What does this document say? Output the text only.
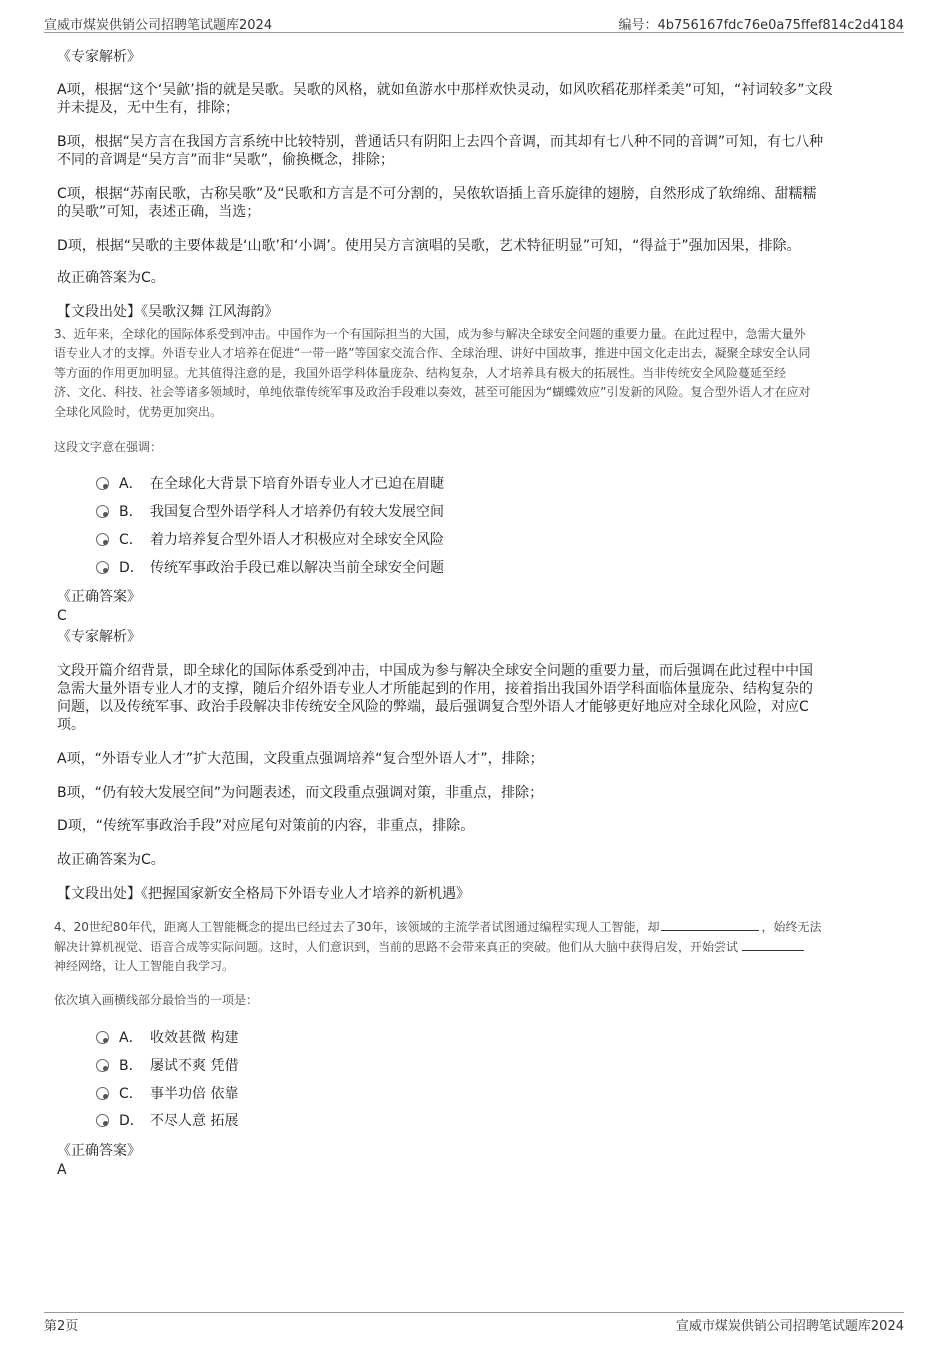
宣威市煤炭供销公司招聘笔试题库2024	编号：4b756167fdc76e0a75ffef814c2d4184
《专家解析》
A项，根据“这个‘吴歈’指的就是吴歌。吴歌的风格，就如鱼游水中那样欢快灵动，如风吹稻花那样柔美”可知，“衬词较多”文段
并未提及，无中生有，排除；
B项，根据“吴方言在我国方言系统中比较特别，普通话只有阴阳上去四个音调，而其却有七八种不同的音调”可知，有七八种
不同的音调是“吴方言”而非“吴歌”，偷换概念，排除；
C项，根据“苏南民歌，古称吴歌”及“民歌和方言是不可分割的，吴侬软语插上音乐旋律的翅膀，自然形成了软绵绵、甜糯糯
的吴歌”可知，表述正确，当选；
D项，根据“吴歌的主要体裁是‘山歌’和‘小调’。使用吴方言演唱的吴歌，艺术特征明显”可知，“得益于”强加因果，排除。
故正确答案为C。
【文段出处】《吴歌汉舞 江风海韵》
3、近年来，全球化的国际体系受到冲击。中国作为一个有国际担当的大国，成为参与解决全球安全问题的重要力量。在此过程中，急需大量外
语专业人才的支撑。外语专业人才培养在促进“一带一路”等国家交流合作、全球治理、讲好中国故事，推进中国文化走出去，凝聚全球安全认同
等方面的作用更加明显。尤其值得注意的是，我国外语学科体量庞杂、结构复杂，人才培养具有极大的拓展性。当非传统安全风险蔓延至经
济、文化、科技、社会等诸多领域时，单纯依靠传统军事及政治手段难以奏效，甚至可能因为“蝴蝶效应”引发新的风险。复合型外语人才在应对
全球化风险时，优势更加突出。
这段文字意在强调：
A． 在全球化大背景下培育外语专业人才已迫在眉睫
B． 我国复合型外语学科人才培养仍有较大发展空间
C． 着力培养复合型外语人才积极应对全球安全风险
D． 传统军事政治手段已难以解决当前全球安全问题
《正确答案》
C
《专家解析》
文段开篇介绍背景，即全球化的国际体系受到冲击，中国成为参与解决全球安全问题的重要力量，而后强调在此过程中中国
急需大量外语专业人才的支撑，随后介绍外语专业人才所能起到的作用，接着指出我国外语学科面临体量庞杂、结构复杂的
问题，以及传统军事、政治手段解决非传统安全风险的弊端，最后强调复合型外语人才能够更好地应对全球化风险，对应C
项。
A项，“外语专业人才”扩大范围，文段重点强调培养“复合型外语人才”，排除；
B项，“仍有较大发展空间”为问题表述，而文段重点强调对策，非重点，排除；
D项，“传统军事政治手段”对应尾句对策前的内容，非重点，排除。
故正确答案为C。
【文段出处】《把握国家新安全格局下外语专业人才培养的新机遇》
4、20世纪80年代，距离人工智能概念的提出已经过去了30年，该领域的主流学者试图通过编程实现人工智能，却	，始终无法
解决计算机视觉、语音合成等实际问题。这时，人们意识到，当前的思路不会带来真正的突破。他们从大脑中获得启发，开始尝试
神经网络，让人工智能自我学习。
依次填入画横线部分最恰当的一项是：
A． 收效甚微 构建
B． 屡试不爽 凭借
C． 事半功倍 依靠
D． 不尽人意 拓展
《正确答案》
A
第2页	宣威市煤炭供销公司招聘笔试题库2024
